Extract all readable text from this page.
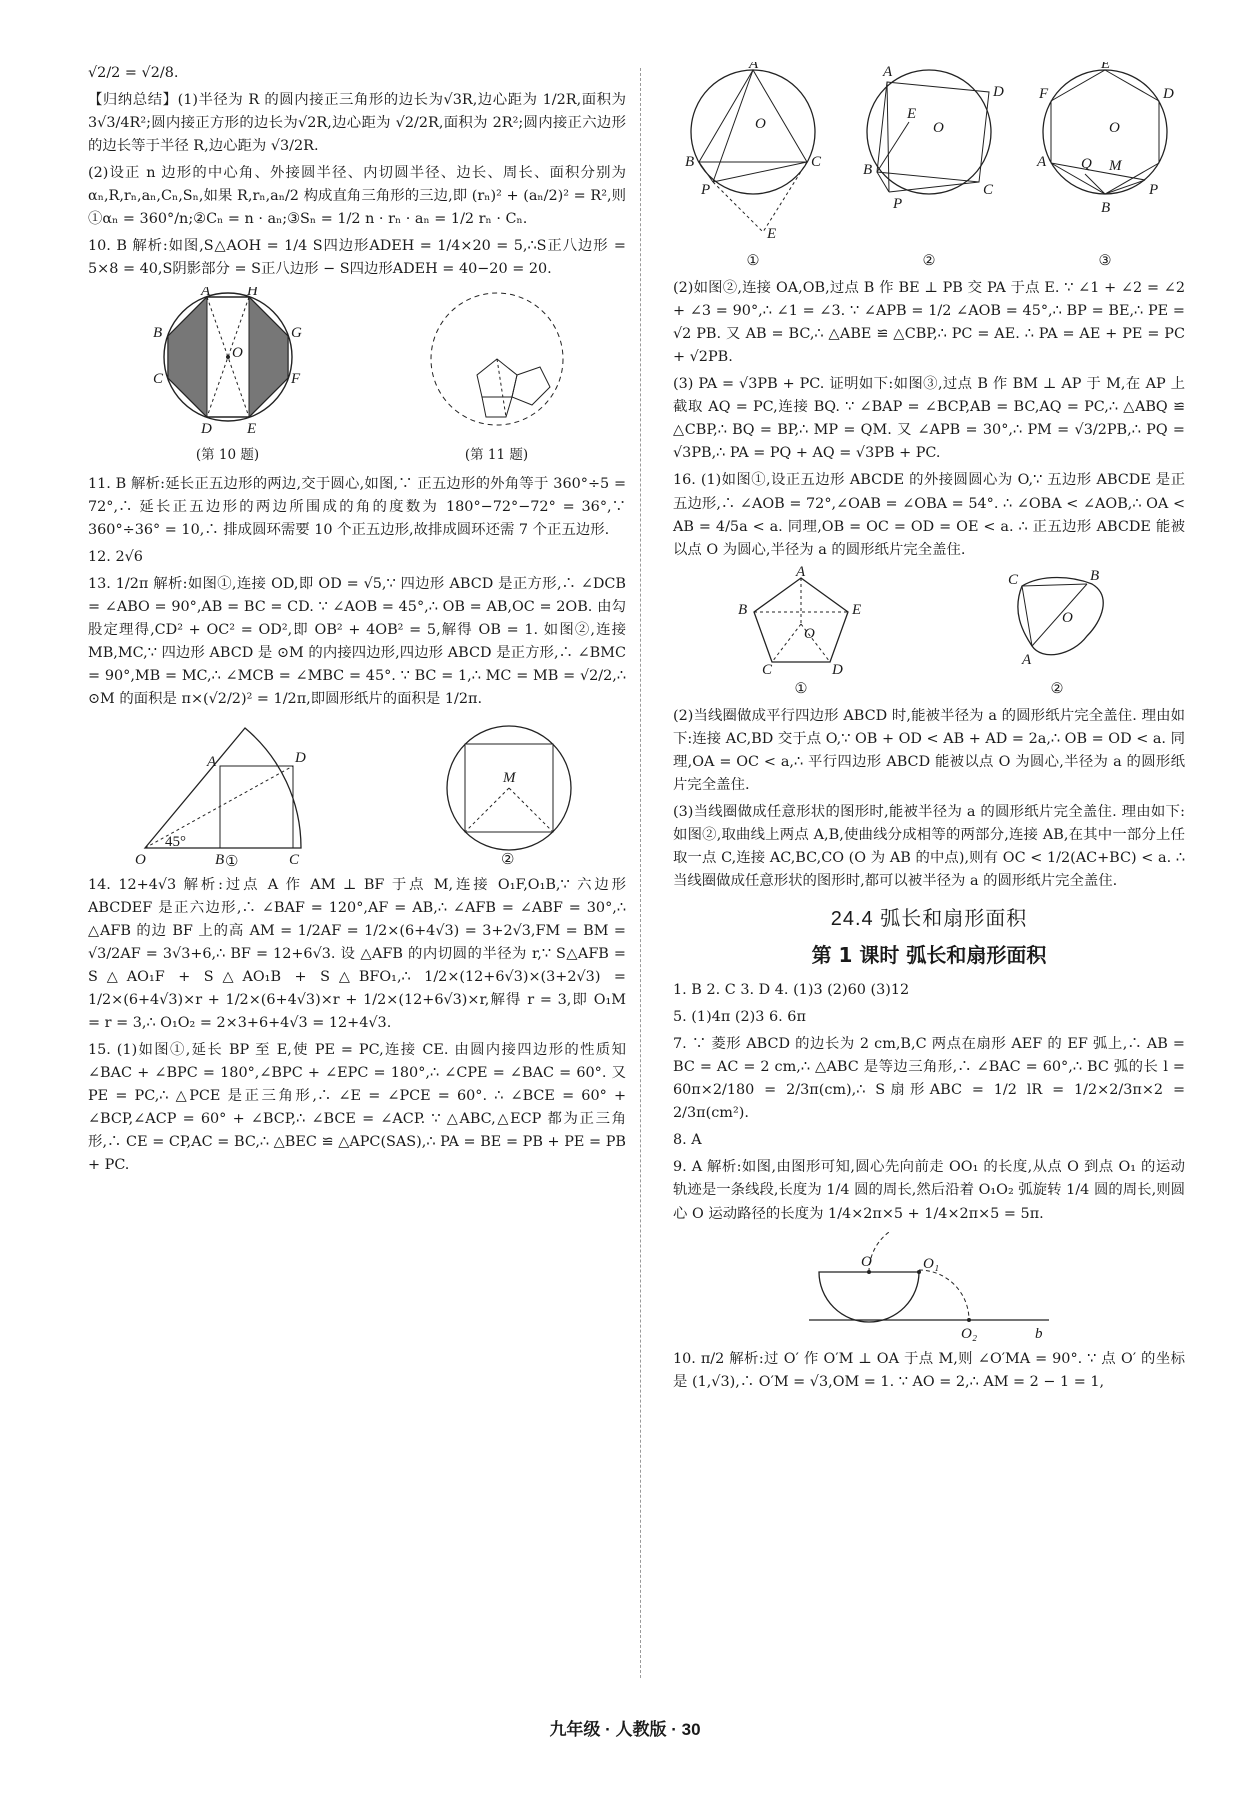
√2/2 = √2/8.

【归纳总结】(1)半径为 R 的圆内接正三角形的边长为√3R,边心距为 1/2R,面积为 3√3/4R²;圆内接正方形的边长为√2R,边心距为 √2/2R,面积为 2R²;圆内接正六边形的边长等于半径 R,边心距为 √3/2R.

(2)设正 n 边形的中心角、外接圆半径、内切圆半径、边长、周长、面积分别为 αₙ,R,rₙ,aₙ,Cₙ,Sₙ,如果 R,rₙ,aₙ/2 构成直角三角形的三边,即 (rₙ)² + (aₙ/2)² = R²,则①αₙ = 360°/n;②Cₙ = n · aₙ;③Sₙ = 1/2 n · rₙ · aₙ = 1/2 rₙ · Cₙ.

10. B 解析:如图,S△AOH = 1/4 S四边形ADEH = 1/4×20 = 5,∴S正八边形 = 5×8 = 40,S阴影部分 = S正八边形 − S四边形ADEH = 40−20 = 20.

A H
G
F
B
C
D E
O
(第 10 题)	(第 11 题)

11. B 解析:延长正五边形的两边,交于圆心,如图,∵ 正五边形的外角等于 360°÷5 = 72°,∴ 延长正五边形的两边所围成的角的度数为 180°−72°−72° = 36°,∵ 360°÷36° = 10,∴ 排成圆环需要 10 个正五边形,故排成圆环还需 7 个正五边形.

12. 2√6

13. 1/2π 解析:如图①,连接 OD,即 OD = √5,∵ 四边形 ABCD 是正方形,∴ ∠DCB = ∠ABO = 90°,AB = BC = CD. ∵ ∠AOB = 45°,∴ OB = AB,OC = 2OB. 由勾股定理得,CD² + OC² = OD²,即 OB² + 4OB² = 5,解得 OB = 1. 如图②,连接 MB,MC,∵ 四边形 ABCD 是 ⊙M 的内接四边形,四边形 ABCD 是正方形,∴ ∠BMC = 90°,MB = MC,∴ ∠MCB = ∠MBC = 45°. ∵ BC = 1,∴ MC = MB = √2/2,∴ ⊙M 的面积是 π×(√2/2)² = 1/2π,即圆形纸片的面积是 1/2π.

A	D
O	B	C
45°
①
M
②

14. 12+4√3 解析:过点 A 作 AM ⊥ BF 于点 M,连接 O₁F,O₁B,∵ 六边形 ABCDEF 是正六边形,∴ ∠BAF = 120°,AF = AB,∴ ∠AFB = ∠ABF = 30°,∴ △AFB 的边 BF 上的高 AM = 1/2AF = 1/2×(6+4√3) = 3+2√3,FM = BM = √3/2AF = 3√3+6,∴ BF = 12+6√3. 设 △AFB 的内切圆的半径为 r,∵ S△AFB = S△AO₁F + S△AO₁B + S△BFO₁,∴ 1/2×(12+6√3)×(3+2√3) = 1/2×(6+4√3)×r + 1/2×(6+4√3)×r + 1/2×(12+6√3)×r,解得 r = 3,即 O₁M = r = 3,∴ O₁O₂ = 2×3+6+4√3 = 12+4√3.

15. (1)如图①,延长 BP 至 E,使 PE = PC,连接 CE. 由圆内接四边形的性质知 ∠BAC + ∠BPC = 180°,∠BPC + ∠EPC = 180°,∴ ∠CPE = ∠BAC = 60°. 又 PE = PC,∴ △PCE 是正三角形,∴ ∠E = ∠PCE = 60°. ∴ ∠BCE = 60° + ∠BCP,∠ACP = 60° + ∠BCP,∴ ∠BCE = ∠ACP. ∵ △ABC,△ECP 都为正三角形,∴ CE = CP,AC = BC,∴ △BEC ≌ △APC(SAS),∴ PA = BE = PB + PE = PB + PC.

A
B	C
P
E
O
①
A
D
B
C
P
E
O
②
E
D
F
A
B
P
Q M
O
③

(2)如图②,连接 OA,OB,过点 B 作 BE ⊥ PB 交 PA 于点 E. ∵ ∠1 + ∠2 = ∠2 + ∠3 = 90°,∴ ∠1 = ∠3. ∵ ∠APB = 1/2 ∠AOB = 45°,∴ BP = BE,∴ PE = √2 PB. 又 AB = BC,∴ △ABE ≌ △CBP,∴ PC = AE. ∴ PA = AE + PE = PC + √2PB.

(3) PA = √3PB + PC. 证明如下:如图③,过点 B 作 BM ⊥ AP 于 M,在 AP 上截取 AQ = PC,连接 BQ. ∵ ∠BAP = ∠BCP,AB = BC,AQ = PC,∴ △ABQ ≌ △CBP,∴ BQ = BP,∴ MP = QM. 又 ∠APB = 30°,∴ PM = √3/2PB,∴ PQ = √3PB,∴ PA = PQ + AQ = √3PB + PC.

16. (1)如图①,设正五边形 ABCDE 的外接圆圆心为 O,∵ 五边形 ABCDE 是正五边形,∴ ∠AOB = 72°,∠OAB = ∠OBA = 54°. ∴ ∠OBA < ∠AOB,∴ OA < AB = 4/5a < a. 同理,OB = OC = OD = OE < a. ∴ 正五边形 ABCDE 能被以点 O 为圆心,半径为 a 的圆形纸片完全盖住.

A
E
B
C	D
O
C	B
A
O
①	②

(2)当线圈做成平行四边形 ABCD 时,能被半径为 a 的圆形纸片完全盖住. 理由如下:连接 AC,BD 交于点 O,∵ OB + OD < AB + AD = 2a,∴ OB = OD < a. 同理,OA = OC < a,∴ 平行四边形 ABCD 能被以点 O 为圆心,半径为 a 的圆形纸片完全盖住.

(3)当线圈做成任意形状的图形时,能被半径为 a 的圆形纸片完全盖住. 理由如下:如图②,取曲线上两点 A,B,使曲线分成相等的两部分,连接 AB,在其中一部分上任取一点 C,连接 AC,BC,CO (O 为 AB 的中点),则有 OC < 1/2(AC+BC) < a. ∴ 当线圈做成任意形状的图形时,都可以被半径为 a 的圆形纸片完全盖住.

24.4 弧长和扇形面积
第 1 课时 弧长和扇形面积

1. B 2. C 3. D 4. (1)3 (2)60 (3)12

5. (1)4π (2)3 6. 6π

7. ∵ 菱形 ABCD 的边长为 2 cm,B,C 两点在扇形 AEF 的 EF 弧上,∴ AB = BC = AC = 2 cm,∴ △ABC 是等边三角形,∴ ∠BAC = 60°,∴ BC 弧的长 l = 60π×2/180 = 2/3π(cm),∴ S扇形ABC = 1/2 lR = 1/2×2/3π×2 = 2/3π(cm²).

8. A

9. A 解析:如图,由图形可知,圆心先向前走 OO₁ 的长度,从点 O 到点 O₁ 的运动轨迹是一条线段,长度为 1/4 圆的周长,然后沿着 O₁O₂ 弧旋转 1/4 圆的周长,则圆心 O 运动路径的长度为 1/4×2π×5 + 1/4×2π×5 = 5π.

O	O₁
O₂	b

10. π/2 解析:过 O′ 作 O′M ⊥ OA 于点 M,则 ∠O′MA = 90°. ∵ 点 O′ 的坐标是 (1,√3),∴ O′M = √3,OM = 1. ∵ AO = 2,∴ AM = 2 − 1 = 1,

九年级 · 人教版 · 30
